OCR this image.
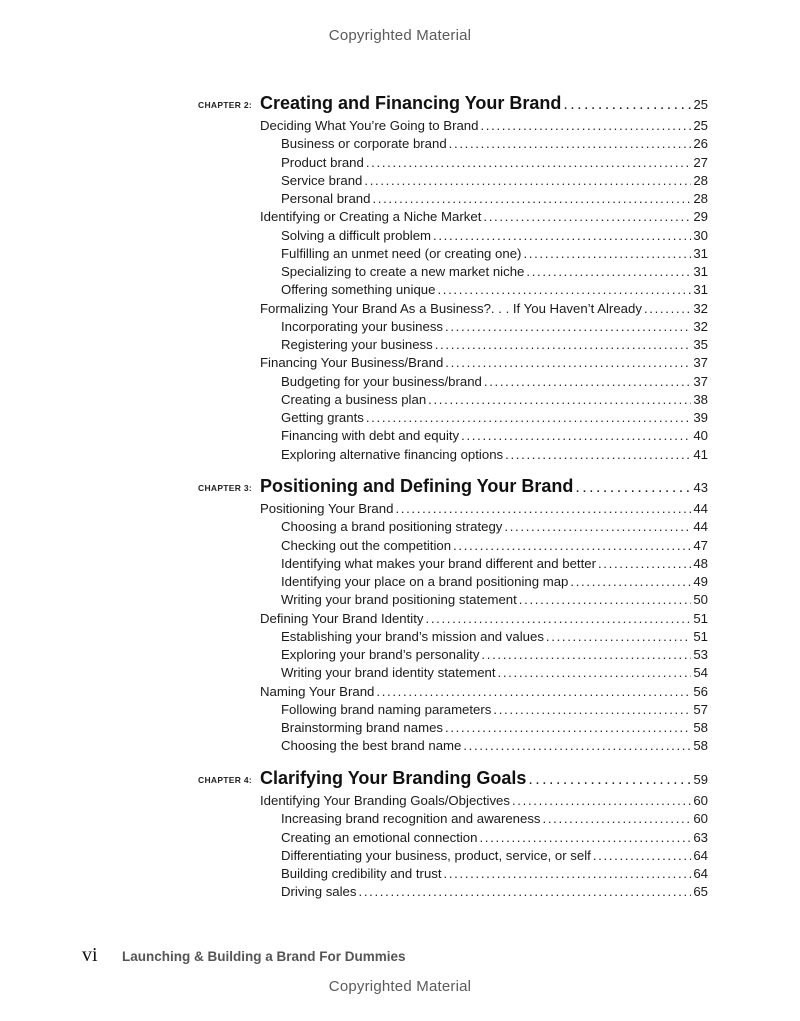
Copyrighted Material
CHAPTER 2: Creating and Financing Your Brand . . .	25
Deciding What You’re Going to Brand . . .	25
Business or corporate brand . . .	26
Product brand . . .	27
Service brand . . .	28
Personal brand . . .	28
Identifying or Creating a Niche Market . . .	29
Solving a difficult problem . . .	30
Fulfilling an unmet need (or creating one) . . .	31
Specializing to create a new market niche . . .	31
Offering something unique . . .	31
Formalizing Your Brand As a Business?. . . If You Haven’t Already . . .	32
Incorporating your business . . .	32
Registering your business . . .	35
Financing Your Business/Brand . . .	37
Budgeting for your business/brand . . .	37
Creating a business plan . . .	38
Getting grants . . .	39
Financing with debt and equity . . .	40
Exploring alternative financing options . . .	41
CHAPTER 3: Positioning and Defining Your Brand . . .	43
Positioning Your Brand . . .	44
Choosing a brand positioning strategy . . .	44
Checking out the competition . . .	47
Identifying what makes your brand different and better . . .	48
Identifying your place on a brand positioning map . . .	49
Writing your brand positioning statement . . .	50
Defining Your Brand Identity . . .	51
Establishing your brand’s mission and values . . .	51
Exploring your brand’s personality . . .	53
Writing your brand identity statement . . .	54
Naming Your Brand . . .	56
Following brand naming parameters . . .	57
Brainstorming brand names . . .	58
Choosing the best brand name . . .	58
CHAPTER 4: Clarifying Your Branding Goals . . .	59
Identifying Your Branding Goals/Objectives . . .	60
Increasing brand recognition and awareness . . .	60
Creating an emotional connection . . .	63
Differentiating your business, product, service, or self . . .	64
Building credibility and trust . . .	64
Driving sales . . .	65
vi Launching & Building a Brand For Dummies
Copyrighted Material
